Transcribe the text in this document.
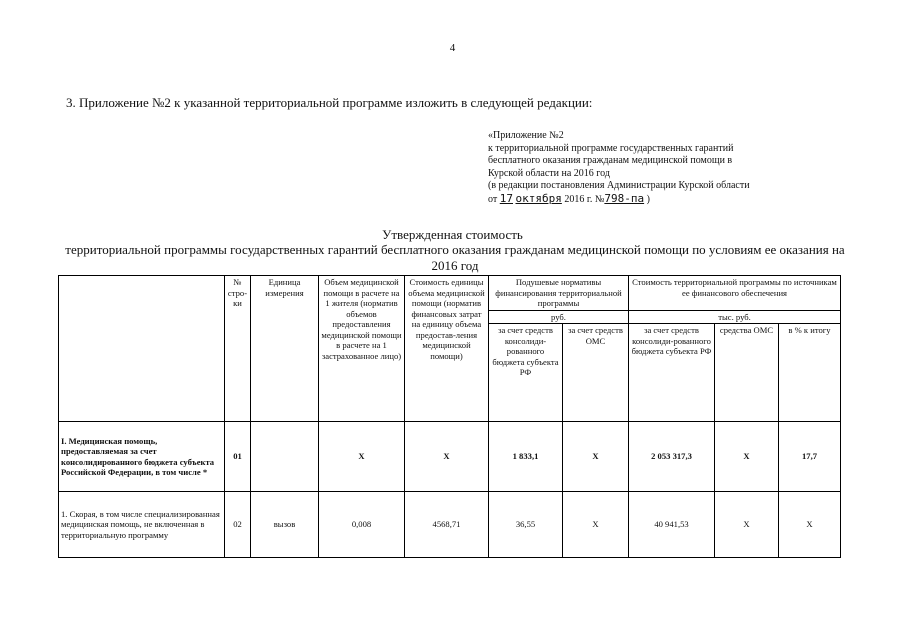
4
3. Приложение №2 к указанной территориальной программе изложить в следующей редакции:
«Приложение №2
к территориальной программе государственных гарантий
бесплатного оказания гражданам медицинской помощи в
Курской области на 2016 год
(в редакции постановления Администрации Курской области
от 17 октября 2016 г. №798-па )
Утвержденная стоимость
территориальной программы государственных гарантий бесплатного оказания гражданам медицинской помощи по условиям ее оказания на 2016 год
	№ стро-ки	Единица измерения	Объем медицинской помощи в расчете на 1 жителя (норматив объемов предоставления медицинской помощи в расчете на 1 застрахованное лицо)	Стоимость единицы объема медицинской помощи (норматив финансовых затрат на единицу объема предостав-ления медицинской помощи)	Подушевые нормативы финансирования территориальной программы		Стоимость территориальной программы по источникам ее финансового обеспечения		
					руб.		тыс. руб.		
					за счет средств консолиди-рованного бюджета субъекта РФ	за счет средств ОМС	за счет средств консолиди-рованного бюджета субъекта РФ	средства ОМС	в % к итогу
I. Медицинская помощь, предоставляемая за счет консолидированного бюджета субъекта Российской Федерации, в том числе *	01		X	X	1 833,1	X	2 053 317,3	X	17,7
1. Скорая, в том числе специализированная медицинская помощь, не включенная в территориальную программу	02	вызов	0,008	4568,71	36,55	X	40 941,53	X	X
